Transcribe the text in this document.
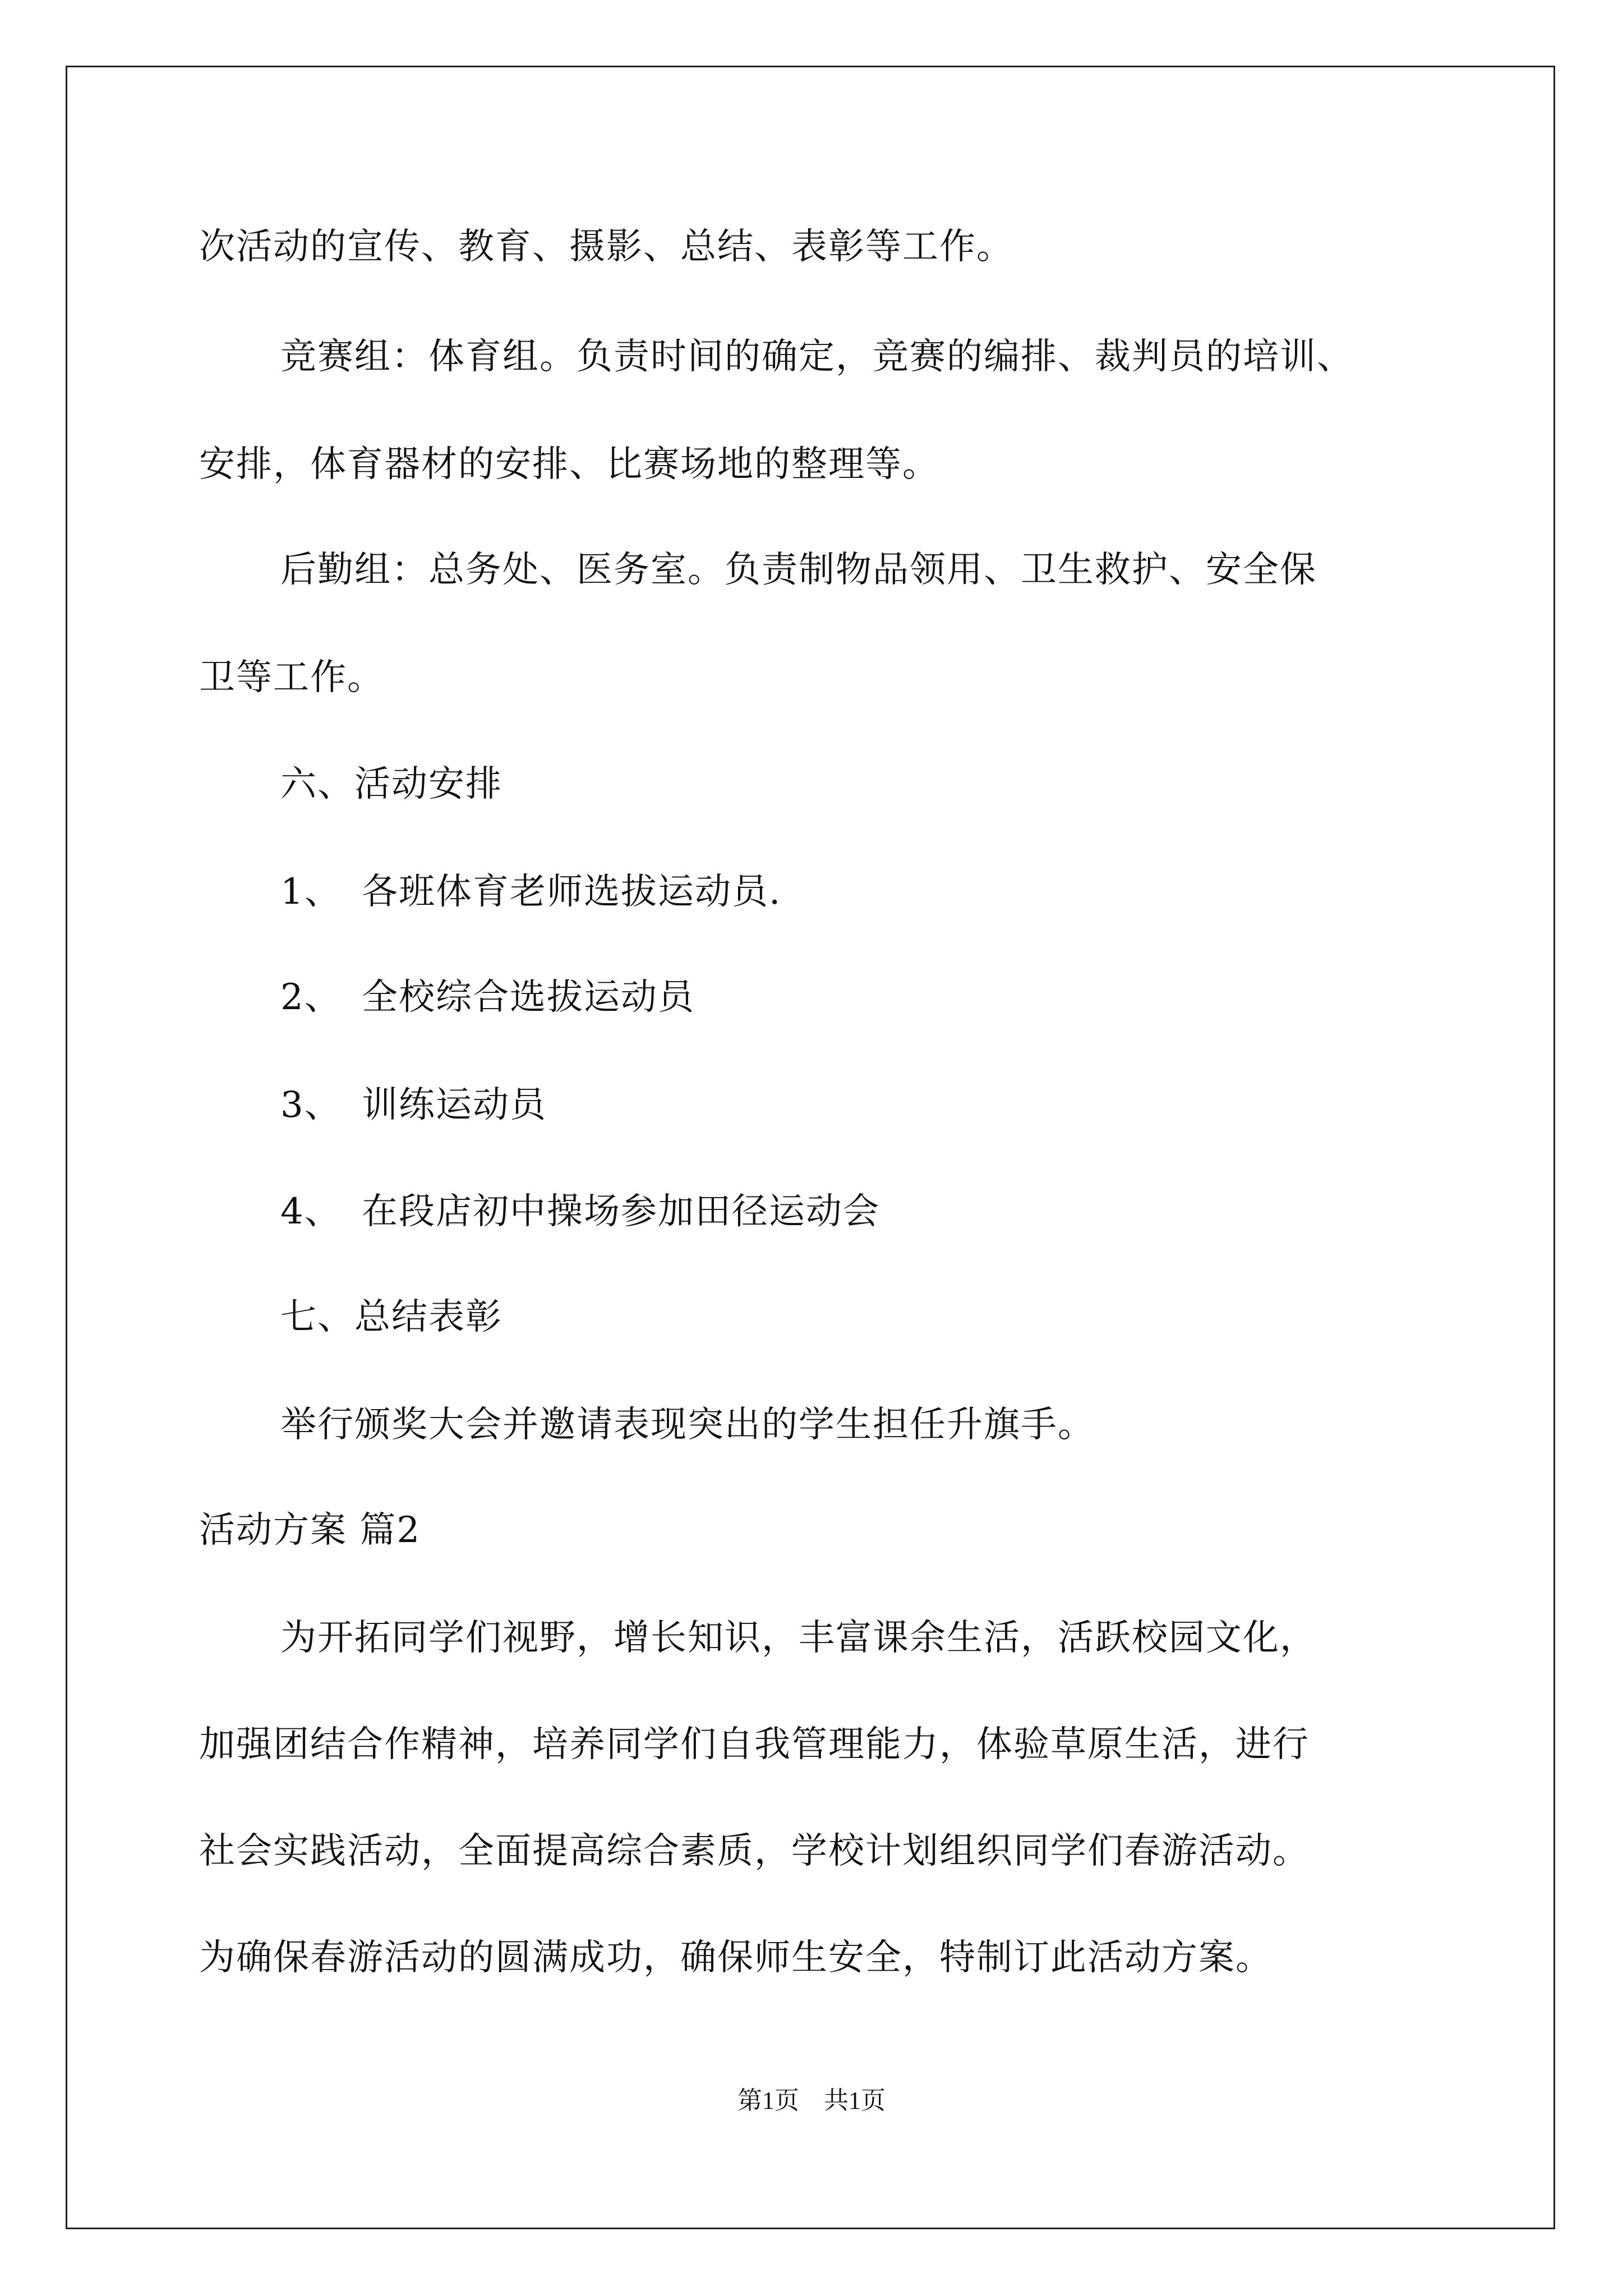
次活动的宣传、教育、摄影、总结、表彰等工作。
竞赛组：体育组。负责时间的确定，竞赛的编排、裁判员的培训、
安排，体育器材的安排、比赛场地的整理等。
后勤组：总务处、医务室。负责制物品领用、卫生救护、安全保
卫等工作。
六、活动安排
1、 各班体育老师选拔运动员.
2、 全校综合选拔运动员
3、 训练运动员
4、 在段店初中操场参加田径运动会
七、总结表彰
举行颁奖大会并邀请表现突出的学生担任升旗手。
活动方案 篇2
为开拓同学们视野，增长知识，丰富课余生活，活跃校园文化，
加强团结合作精神，培养同学们自我管理能力，体验草原生活，进行
社会实践活动，全面提高综合素质，学校计划组织同学们春游活动。
为确保春游活动的圆满成功，确保师生安全，特制订此活动方案。
第1页 共1页
